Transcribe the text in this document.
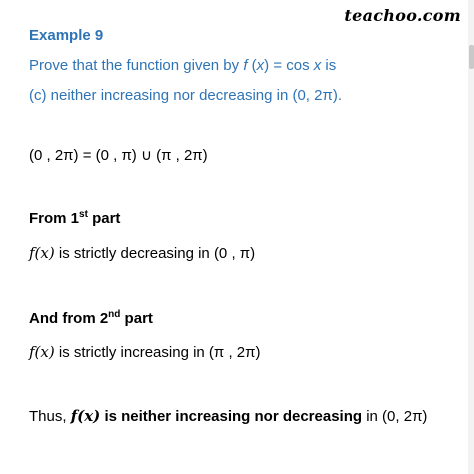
teachoo.com
Example 9
Prove that the function given by f (x) = cos x is
(c) neither increasing nor decreasing in (0, 2π).
(0 , 2π) = (0 , π) ∪ (π , 2π)
From 1st part
f(x) is strictly decreasing in (0 , π)
And from 2nd part
f(x) is strictly increasing in (π , 2π)
Thus, f(x) is neither increasing nor decreasing in (0, 2π)
